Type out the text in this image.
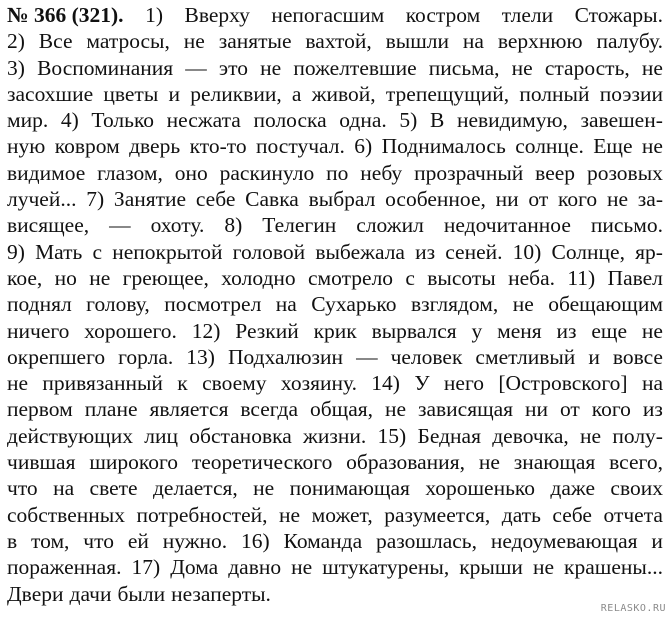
№ 366 (321). 1) Вверху непогасшим костром тлели Стожары.
2) Все матросы, не занятые вахтой, вышли на верхнюю палубу.
3) Воспоминания — это не пожелтевшие письма, не старость, не
засохшие цветы и реликвии, а живой, трепещущий, полный поэзии
мир. 4) Только несжата полоска одна. 5) В невидимую, завешен-
ную ковром дверь кто-то постучал. 6) Поднималось солнце. Еще не
видимое глазом, оно раскинуло по небу прозрачный веер розовых
лучей... 7) Занятие себе Савка выбрал особенное, ни от кого не за-
висящее, — охоту. 8) Телегин сложил недочитанное письмо.
9) Мать с непокрытой головой выбежала из сеней. 10) Солнце, яр-
кое, но не греющее, холодно смотрело с высоты неба. 11) Павел
поднял голову, посмотрел на Сухарько взглядом, не обещающим
ничего хорошего. 12) Резкий крик вырвался у меня из еще не
окрепшего горла. 13) Подхалюзин — человек сметливый и вовсе
не привязанный к своему хозяину. 14) У него [Островского] на
первом плане является всегда общая, не зависящая ни от кого из
действующих лиц обстановка жизни. 15) Бедная девочка, не полу-
чившая широкого теоретического образования, не знающая всего,
что на свете делается, не понимающая хорошенько даже своих
собственных потребностей, не может, разумеется, дать себе отчета
в том, что ей нужно. 16) Команда разошлась, недоумевающая и
пораженная. 17) Дома давно не штукатурены, крыши не крашены...
Двери дачи были незаперты.
RELASKO.RU
